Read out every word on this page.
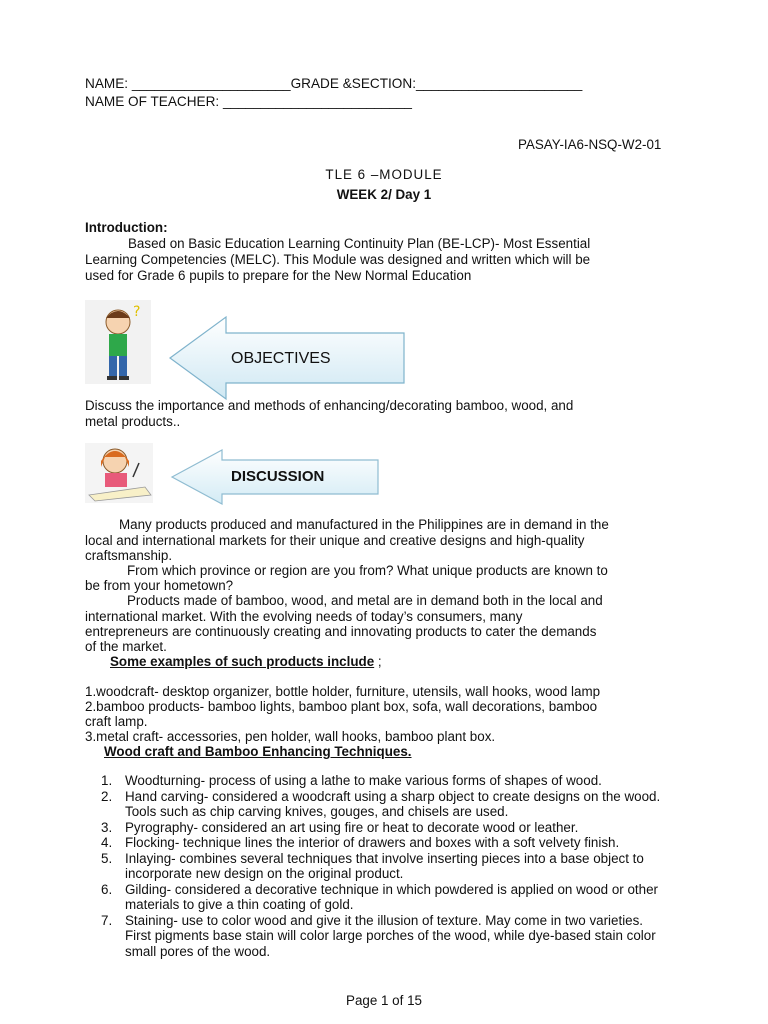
NAME: _____________________GRADE &SECTION:______________________
NAME OF TEACHER: _________________________
PASAY-IA6-NSQ-W2-01
TLE 6 –MODULE
WEEK 2/ Day 1
Introduction:
Based on Basic Education Learning Continuity Plan (BE-LCP)- Most Essential
Learning Competencies (MELC). This Module was designed and written which will be
used for Grade 6 pupils to prepare for the New Normal Education
?
OBJECTIVES
Discuss the importance and methods of enhancing/decorating bamboo, wood, and
metal products..
DISCUSSION
Many products produced and manufactured in the Philippines are in demand in the
local and international markets for their unique and creative designs and high-quality
craftsmanship.
From which province or region are you from? What unique products are known to
be from your hometown?
Products made of bamboo, wood, and metal are in demand both in the local and
international market. With the evolving needs of today’s consumers, many
entrepreneurs are continuously creating and innovating products to cater the demands
of the market.
Some examples of such products include ;
1.woodcraft- desktop organizer, bottle holder, furniture, utensils, wall hooks, wood lamp
2.bamboo products- bamboo lights, bamboo plant box, sofa, wall decorations, bamboo
craft lamp.
3.metal craft- accessories, pen holder, wall hooks, bamboo plant box.
Wood craft and Bamboo Enhancing Techniques.
1. Woodturning- process of using a lathe to make various forms of shapes of wood.
2. Hand carving- considered a woodcraft using a sharp object to create designs on the wood. Tools such as chip carving knives, gouges, and chisels are used.
3. Pyrography- considered an art using fire or heat to decorate wood or leather.
4. Flocking- technique lines the interior of drawers and boxes with a soft velvety finish.
5. Inlaying- combines several techniques that involve inserting pieces into a base object to incorporate new design on the original product.
6. Gilding- considered a decorative technique in which powdered is applied on wood or other materials to give a thin coating of gold.
7. Staining- use to color wood and give it the illusion of texture. May come in two varieties. First pigments base stain will color large porches of the wood, while dye-based stain color small pores of the wood.
Page 1 of 15
